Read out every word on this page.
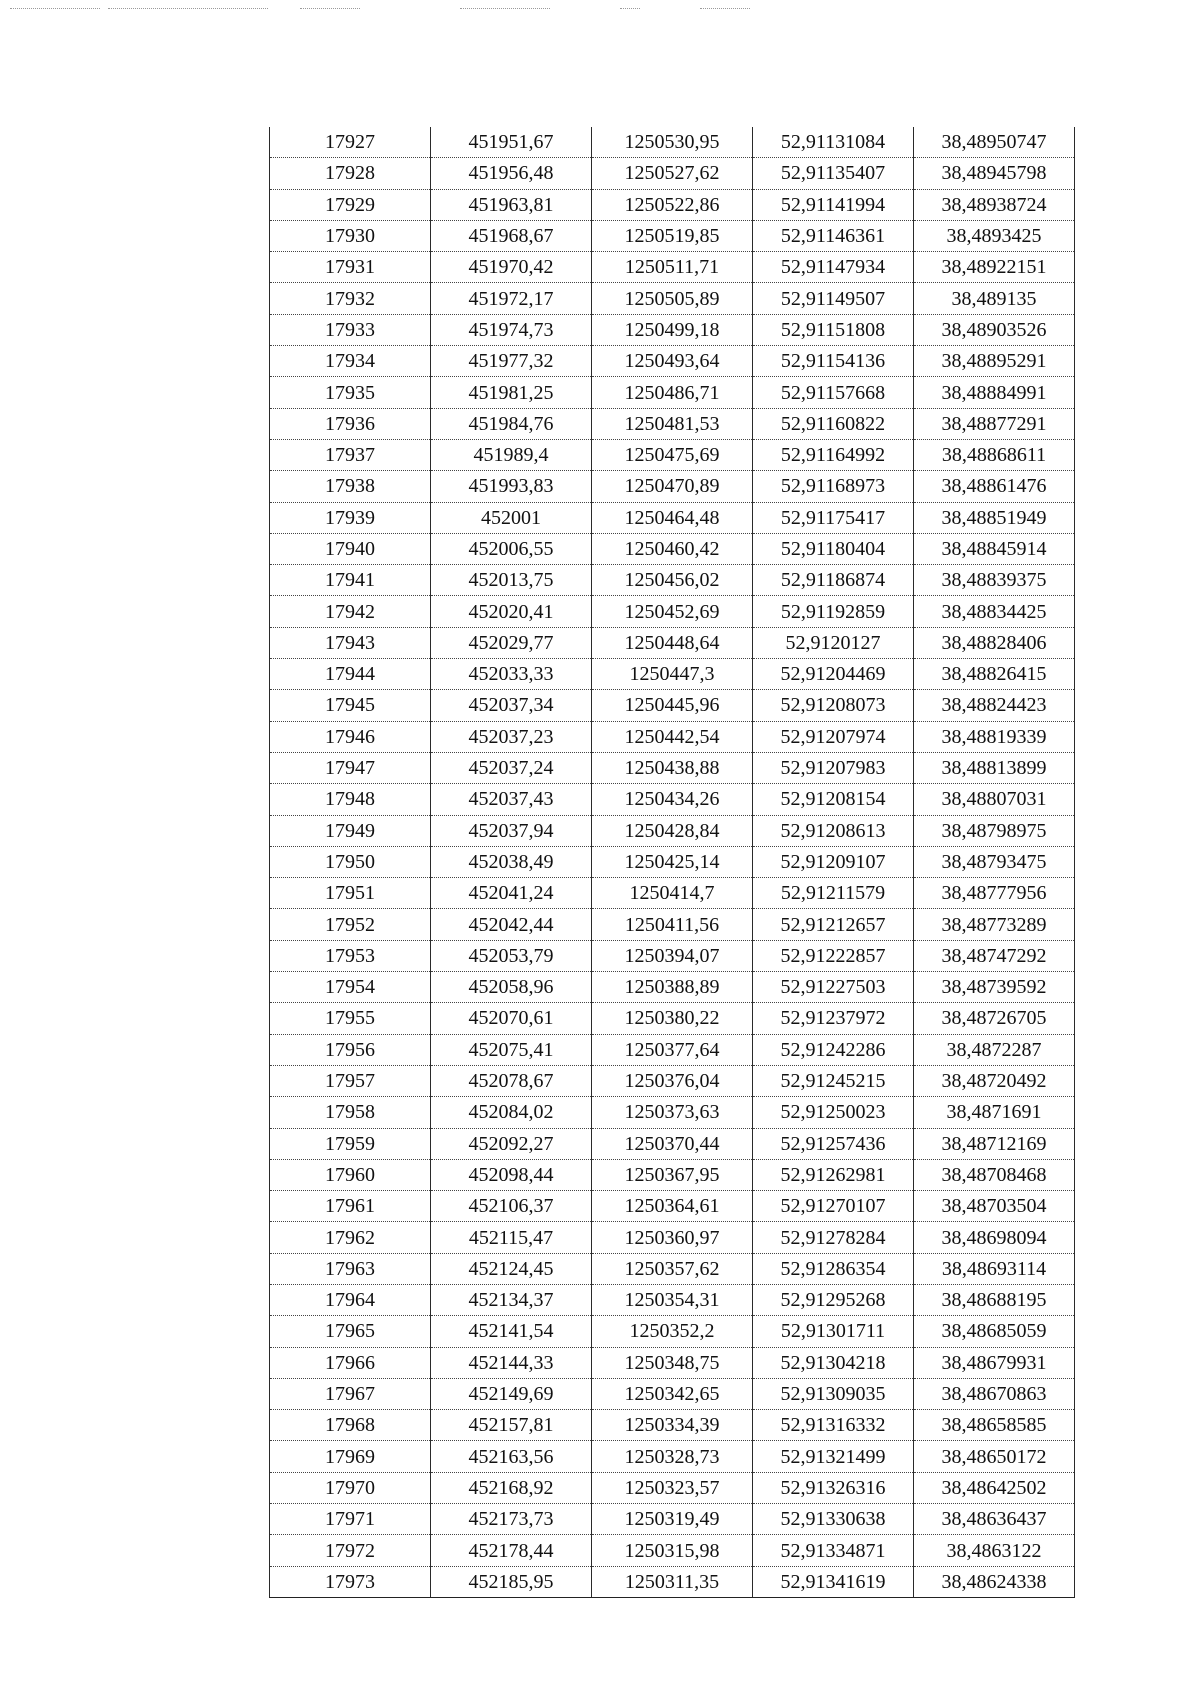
17927	451951,67	1250530,95	52,91131084	38,48950747
17928	451956,48	1250527,62	52,91135407	38,48945798
17929	451963,81	1250522,86	52,91141994	38,48938724
17930	451968,67	1250519,85	52,91146361	38,4893425
17931	451970,42	1250511,71	52,91147934	38,48922151
17932	451972,17	1250505,89	52,91149507	38,489135
17933	451974,73	1250499,18	52,91151808	38,48903526
17934	451977,32	1250493,64	52,91154136	38,48895291
17935	451981,25	1250486,71	52,91157668	38,48884991
17936	451984,76	1250481,53	52,91160822	38,48877291
17937	451989,4	1250475,69	52,91164992	38,48868611
17938	451993,83	1250470,89	52,91168973	38,48861476
17939	452001	1250464,48	52,91175417	38,48851949
17940	452006,55	1250460,42	52,91180404	38,48845914
17941	452013,75	1250456,02	52,91186874	38,48839375
17942	452020,41	1250452,69	52,91192859	38,48834425
17943	452029,77	1250448,64	52,9120127	38,48828406
17944	452033,33	1250447,3	52,91204469	38,48826415
17945	452037,34	1250445,96	52,91208073	38,48824423
17946	452037,23	1250442,54	52,91207974	38,48819339
17947	452037,24	1250438,88	52,91207983	38,48813899
17948	452037,43	1250434,26	52,91208154	38,48807031
17949	452037,94	1250428,84	52,91208613	38,48798975
17950	452038,49	1250425,14	52,91209107	38,48793475
17951	452041,24	1250414,7	52,91211579	38,48777956
17952	452042,44	1250411,56	52,91212657	38,48773289
17953	452053,79	1250394,07	52,91222857	38,48747292
17954	452058,96	1250388,89	52,91227503	38,48739592
17955	452070,61	1250380,22	52,91237972	38,48726705
17956	452075,41	1250377,64	52,91242286	38,4872287
17957	452078,67	1250376,04	52,91245215	38,48720492
17958	452084,02	1250373,63	52,91250023	38,4871691
17959	452092,27	1250370,44	52,91257436	38,48712169
17960	452098,44	1250367,95	52,91262981	38,48708468
17961	452106,37	1250364,61	52,91270107	38,48703504
17962	452115,47	1250360,97	52,91278284	38,48698094
17963	452124,45	1250357,62	52,91286354	38,48693114
17964	452134,37	1250354,31	52,91295268	38,48688195
17965	452141,54	1250352,2	52,91301711	38,48685059
17966	452144,33	1250348,75	52,91304218	38,48679931
17967	452149,69	1250342,65	52,91309035	38,48670863
17968	452157,81	1250334,39	52,91316332	38,48658585
17969	452163,56	1250328,73	52,91321499	38,48650172
17970	452168,92	1250323,57	52,91326316	38,48642502
17971	452173,73	1250319,49	52,91330638	38,48636437
17972	452178,44	1250315,98	52,91334871	38,4863122
17973	452185,95	1250311,35	52,91341619	38,48624338
